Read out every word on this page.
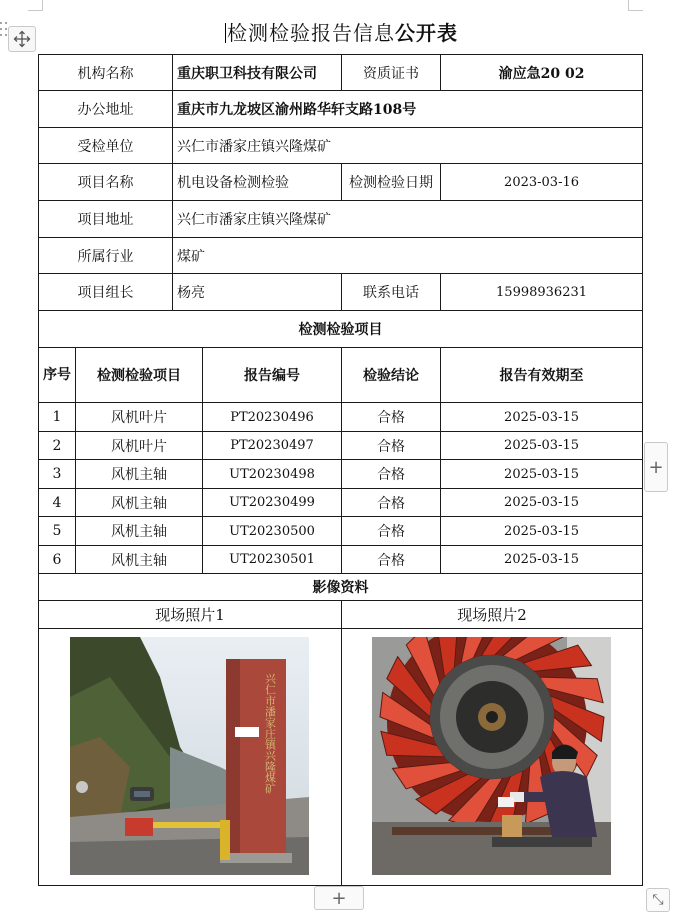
检测检验报告信息公开表
机构名称		重庆职卫科技有限公司		资质证书	渝应急20 02
办公地址		重庆市九龙坡区渝州路华轩支路108号			
受检单位		兴仁市潘家庄镇兴隆煤矿			
项目名称		机电设备检测检验		检测检验日期	2023-03-16
项目地址		兴仁市潘家庄镇兴隆煤矿			
所属行业		煤矿			
项目组长		杨亮		联系电话	15998936231
检测检验项目					
序号	检测检验项目		报告编号	检验结论	报告有效期至
1	风机叶片		PT20230496	合格	2025-03-15
2	风机叶片		PT20230497	合格	2025-03-15
3	风机主轴		UT20230498	合格	2025-03-15
4	风机主轴		UT20230499	合格	2025-03-15
5	风机主轴		UT20230500	合格	2025-03-15
6	风机主轴		UT20230501	合格	2025-03-15
影像资料					
现场照片1				现场照片2	

兴仁市潘家庄镇兴隆煤矿

+
+	⤡
